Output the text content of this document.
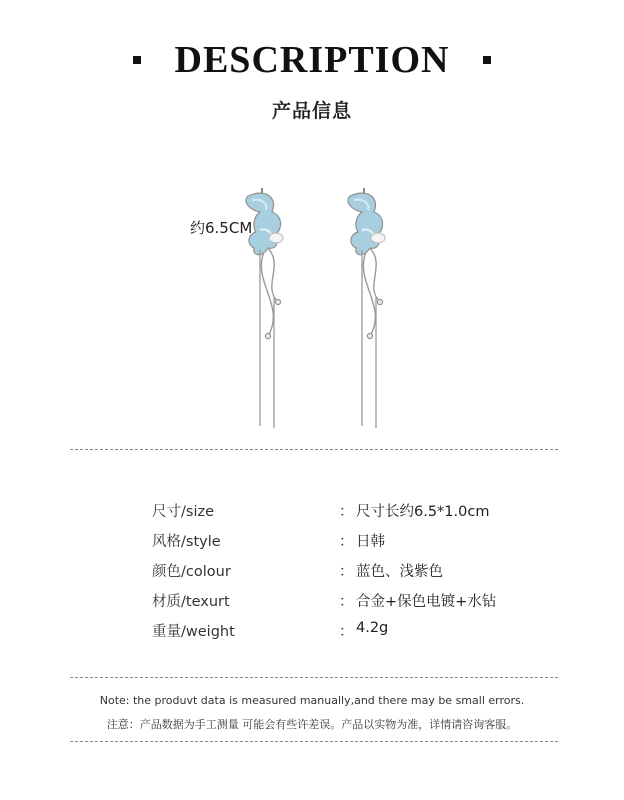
DESCRIPTION
产品信息
约6.5CM
尺寸/size	： 尺寸长约6.5*1.0cm
风格/style	： 日韩
颜色/colour	： 蓝色、浅紫色
材质/texurt	： 合金+保色电镀+水钻
重量/weight	： 4.2g
Note: the produvt data is measured manually,and there may be small errors.
注意：产品数据为手工测量 可能会有些许差误。产品以实物为准，详情请咨询客服。
